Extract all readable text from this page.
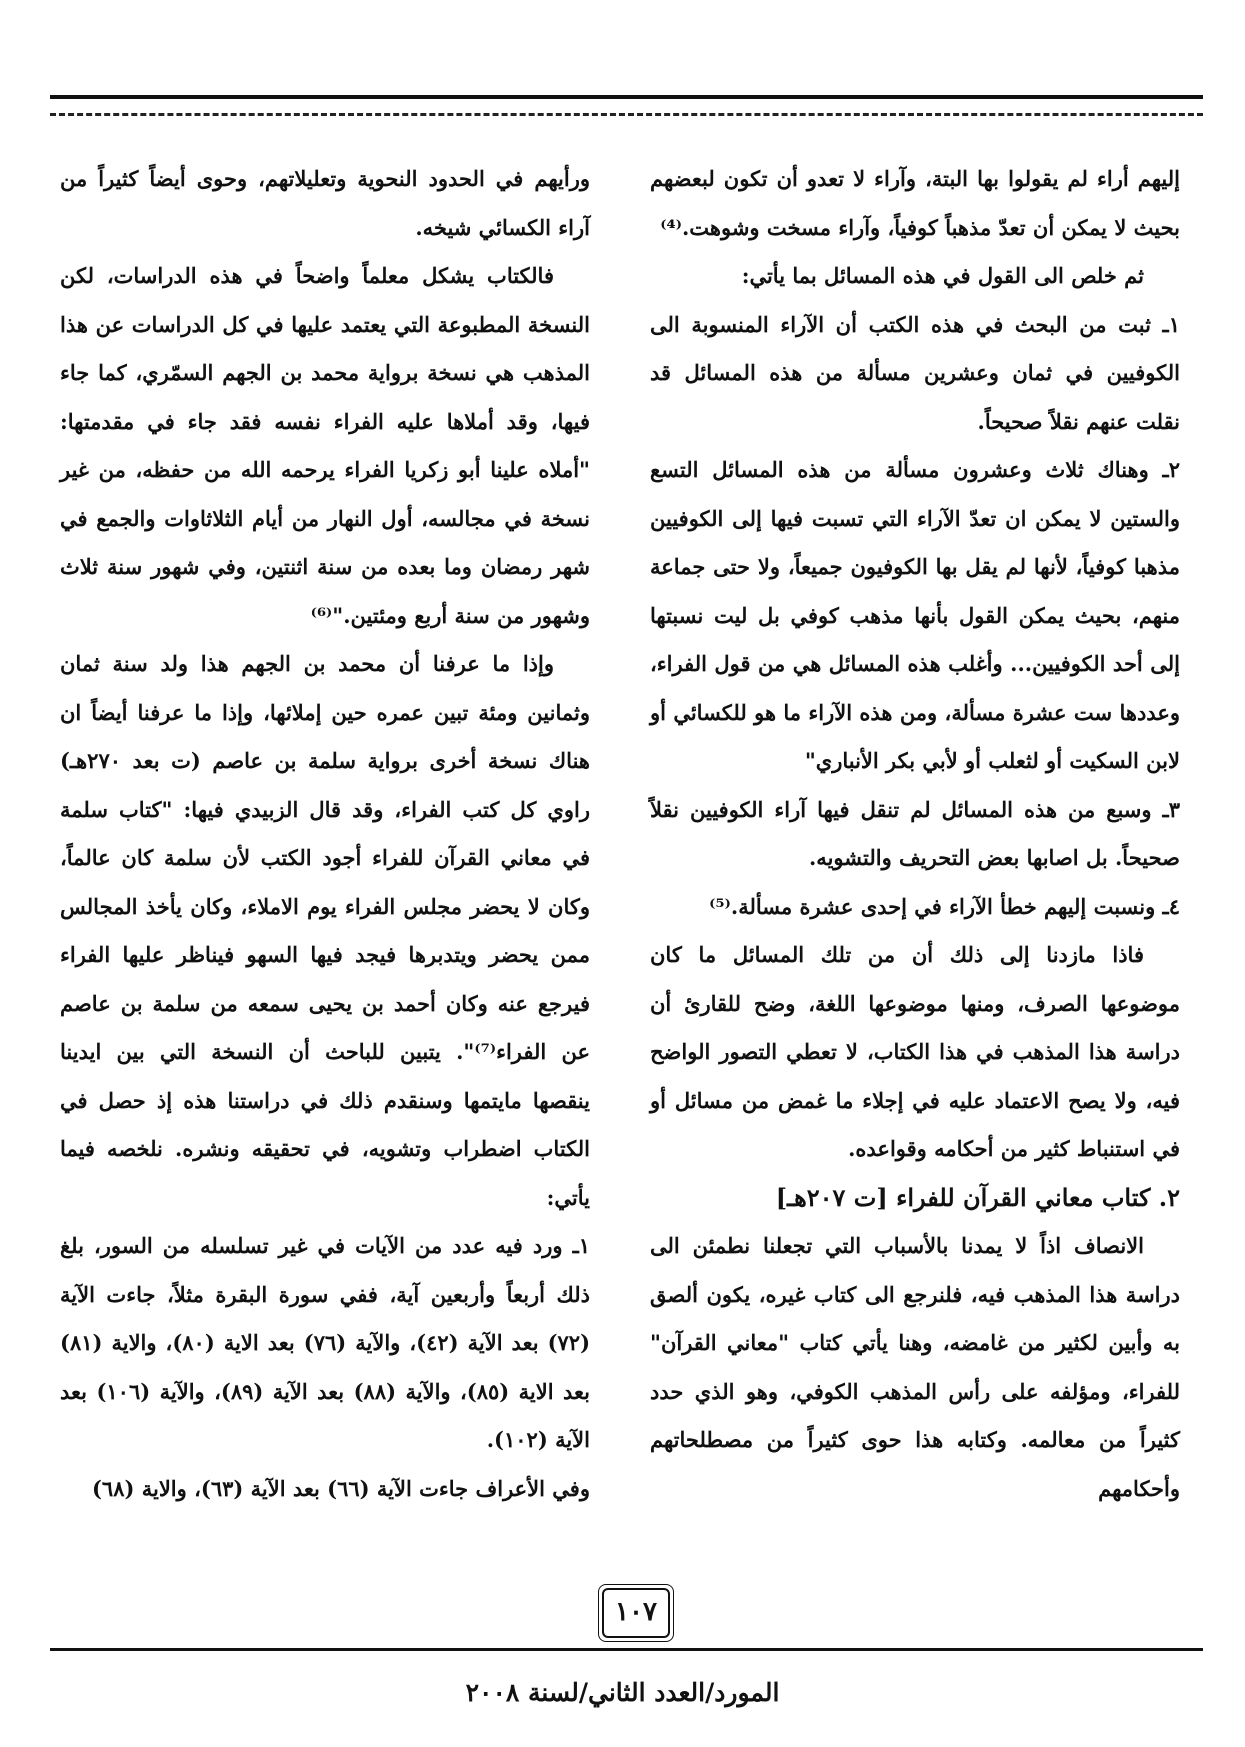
إليهم أراء لم يقولوا بها البتة، وآراء لا تعدو أن تكون لبعضهم بحيث لا يمكن أن تعدّ مذهباً كوفياً، وآراء مسخت وشوهت.⁽⁴⁾

ثم خلص الى القول في هذه المسائل بما يأتي:

١ـ ثبت من البحث في هذه الكتب أن الآراء المنسوبة الى الكوفيين في ثمان وعشرين مسألة من هذه المسائل قد نقلت عنهم نقلاً صحيحاً.

٢ـ وهناك ثلاث وعشرون مسألة من هذه المسائل التسع والستين لا يمكن ان تعدّ الآراء التي تسبت فيها إلى الكوفيين مذهبا كوفياً، لأنها لم يقل بها الكوفيون جميعاً، ولا حتى جماعة منهم، بحيث يمكن القول بأنها مذهب كوفي بل ليت نسبتها إلى أحد الكوفيين... وأغلب هذه المسائل هي من قول الفراء، وعددها ست عشرة مسألة، ومن هذه الآراء ما هو للكسائي أو لابن السكيت أو لثعلب أو لأبي بكر الأنباري"

٣ـ وسبع من هذه المسائل لم تنقل فيها آراء الكوفيين نقلاً صحيحاً. بل اصابها بعض التحريف والتشويه.

٤ـ ونسبت إليهم خطأ الآراء في إحدى عشرة مسألة.⁽⁵⁾

فاذا مازدنا إلى ذلك أن من تلك المسائل ما كان موضوعها الصرف، ومنها موضوعها اللغة، وضح للقارئ أن دراسة هذا المذهب في هذا الكتاب، لا تعطي التصور الواضح فيه، ولا يصح الاعتماد عليه في إجلاء ما غمض من مسائل أو في استنباط كثير من أحكامه وقواعده.

٢. كتاب معاني القرآن للفراء [ت ٢٠٧هـ]

الانصاف اذاً لا يمدنا بالأسباب التي تجعلنا نطمئن الى دراسة هذا المذهب فيه، فلنرجع الى كتاب غيره، يكون ألصق به وأبين لكثير من غامضه، وهنا يأتي كتاب "معاني القرآن" للفراء، ومؤلفه على رأس المذهب الكوفي، وهو الذي حدد كثيراً من معالمه. وكتابه هذا حوى كثيراً من مصطلحاتهم وأحكامهم

ورأيهم في الحدود النحوية وتعليلاتهم، وحوى أيضاً كثيراً من آراء الكسائي شيخه.

فالكتاب يشكل معلماً واضحاً في هذه الدراسات، لكن النسخة المطبوعة التي يعتمد عليها في كل الدراسات عن هذا المذهب هي نسخة برواية محمد بن الجهم السمّري، كما جاء فيها، وقد أملاها عليه الفراء نفسه فقد جاء في مقدمتها: "أملاه علينا أبو زكريا الفراء يرحمه الله من حفظه، من غير نسخة في مجالسه، أول النهار من أيام الثلاثاوات والجمع في شهر رمضان وما بعده من سنة اثنتين، وفي شهور سنة ثلاث وشهور من سنة أربع ومئتين."⁽⁶⁾

وإذا ما عرفنا أن محمد بن الجهم هذا ولد سنة ثمان وثمانين ومئة تبين عمره حين إملائها، وإذا ما عرفنا أيضاً ان هناك نسخة أخرى برواية سلمة بن عاصم (ت بعد ٢٧٠هـ) راوي كل كتب الفراء، وقد قال الزبيدي فيها: "كتاب سلمة في معاني القرآن للفراء أجود الكتب لأن سلمة كان عالماً، وكان لا يحضر مجلس الفراء يوم الاملاء، وكان يأخذ المجالس ممن يحضر ويتدبرها فيجد فيها السهو فيناظر عليها الفراء فيرجع عنه وكان أحمد بن يحيى سمعه من سلمة بن عاصم عن الفراء⁽⁷⁾". يتبين للباحث أن النسخة التي بين ايدينا ينقصها مايتمها وسنقدم ذلك في دراستنا هذه إذ حصل في الكتاب اضطراب وتشويه، في تحقيقه ونشره. نلخصه فيما يأتي:

١ـ ورد فيه عدد من الآيات في غير تسلسله من السور، بلغ ذلك أربعاً وأربعين آية، ففي سورة البقرة مثلاً، جاءت الآية (٧٢) بعد الآية (٤٢)، والآية (٧٦) بعد الاية (٨٠)، والاية (٨١) بعد الاية (٨٥)، والآية (٨٨) بعد الآية (٨٩)، والآية (١٠٦) بعد الآية (١٠٢).

وفي الأعراف جاءت الآية (٦٦) بعد الآية (٦٣)، والاية (٦٨)

١٠٧
المورد/العدد الثاني/لسنة ٢٠٠٨
